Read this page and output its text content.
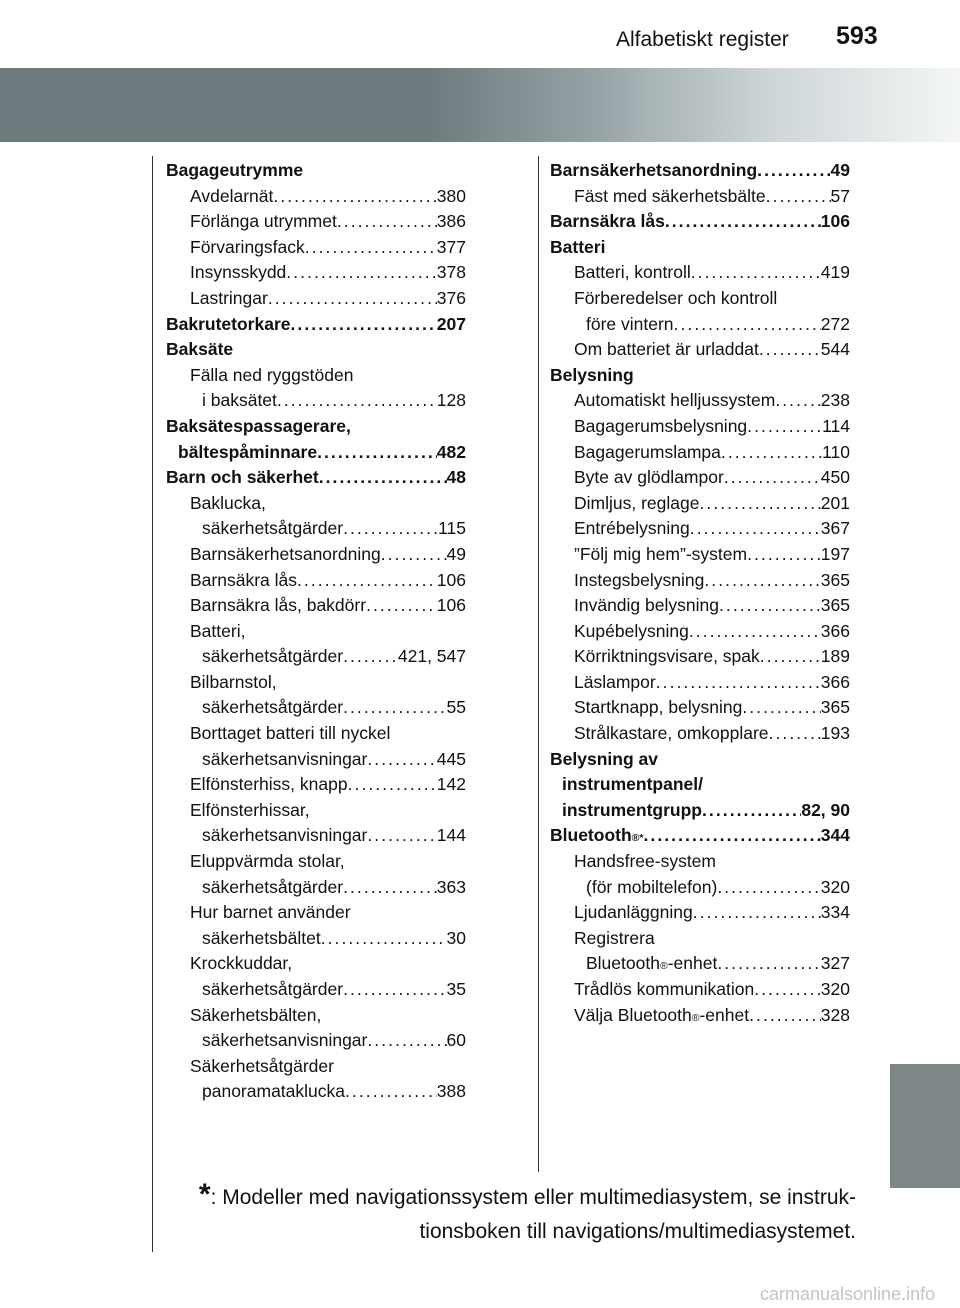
Alfabetiskt register 593
Bagageutrymme
Avdelarnät . . .	380
Förlänga utrymmet . . .	386
Förvaringsfack . . .	377
Insynsskydd . . .	378
Lastringar . . .	376
Bakrutetorkare . . .	207
Baksäte
Fälla ned ryggstöden
i baksätet . . .	128
Baksätespassagerare,
bältespåminnare . . .	482
Barn och säkerhet . . .	48
Baklucka,
säkerhetsåtgärder . . .	115
Barnsäkerhetsanordning . . .	49
Barnsäkra lås . . .	106
Barnsäkra lås, bakdörr . . .	106
Batteri,
säkerhetsåtgärder . . .	421, 547
Bilbarnstol,
säkerhetsåtgärder . . .	55
Borttaget batteri till nyckel
säkerhetsanvisningar . . .	445
Elfönsterhiss, knapp . . .	142
Elfönsterhissar,
säkerhetsanvisningar . . .	144
Eluppvärmda stolar,
säkerhetsåtgärder . . .	363
Hur barnet använder
säkerhetsbältet . . .	30
Krockkuddar,
säkerhetsåtgärder . . .	35
Säkerhetsbälten,
säkerhetsanvisningar . . .	60
Säkerhetsåtgärder
panoramataklucka . . .	388
Barnsäkerhetsanordning . . .	49
Fäst med säkerhetsbälte . . .	57
Barnsäkra lås . . .	106
Batteri
Batteri, kontroll . . .	419
Förberedelser och kontroll
före vintern . . .	272
Om batteriet är urladdat . . .	544
Belysning
Automatiskt helljussystem . . .	238
Bagagerumsbelysning . . .	114
Bagagerumslampa . . .	110
Byte av glödlampor . . .	450
Dimljus, reglage . . .	201
Entrébelysning . . .	367
”Följ mig hem”-system . . .	197
Instegsbelysning . . .	365
Invändig belysning . . .	365
Kupébelysning . . .	366
Körriktningsvisare, spak . . .	189
Läslampor . . .	366
Startknapp, belysning . . .	365
Strålkastare, omkopplare . . .	193
Belysning av
instrumentpanel/
instrumentgrupp . . .	82, 90
Bluetooth ®* . . .	344
Handsfree-system
(för mobiltelefon) . . .	320
Ljudanläggning . . .	334
Registrera
Bluetooth ® -enhet . . .	327
Trådlös kommunikation . . .	320
Välja Bluetooth ® -enhet . . .	328
*: Modeller med navigationssystem eller multimediasystem, se instruk-
tionsboken till navigations/multimediasystemet.
carmanualsonline.info
